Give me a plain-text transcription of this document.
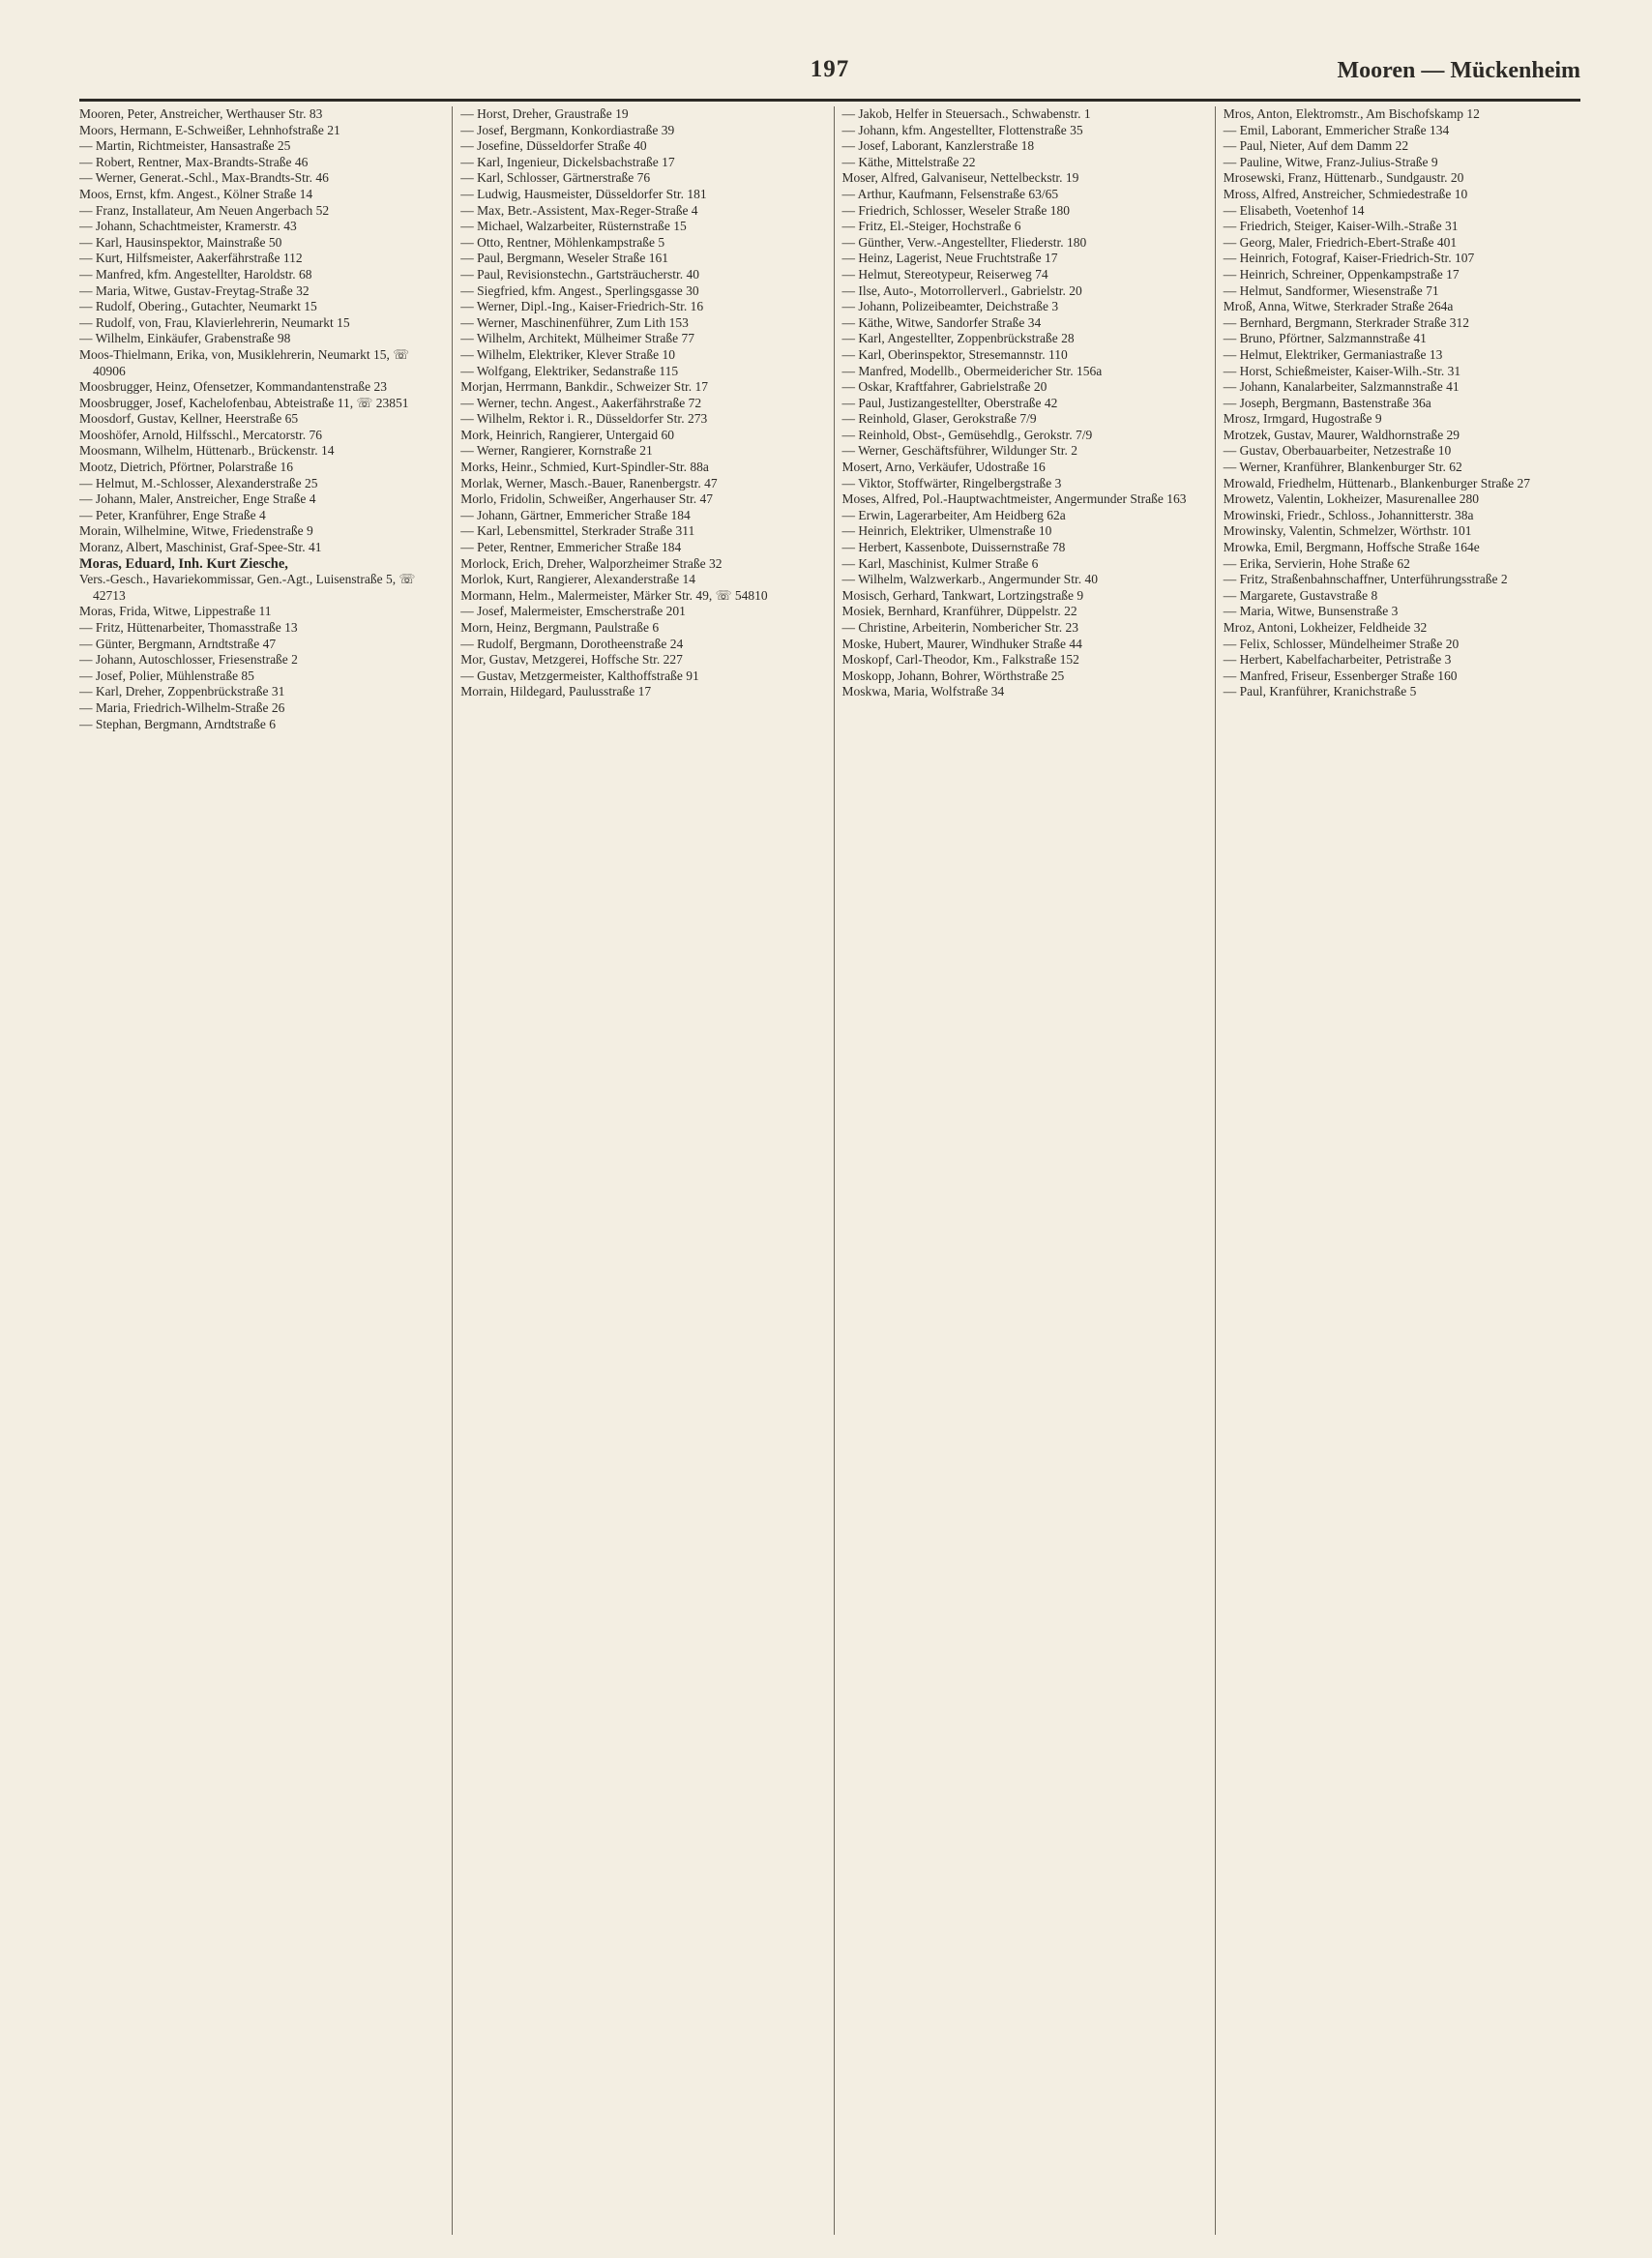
197	Mooren — Mückenheim
Mooren, Peter, Anstreicher, Werthauser Str. 83
Moors, Hermann, E-Schweißer, Lehnhofstraße 21
— Martin, Richtmeister, Hansastraße 25
— Robert, Rentner, Max-Brandts-Straße 46
— Werner, Generat.-Schl., Max-Brandts-Str. 46
Moos, Ernst, kfm. Angest., Kölner Straße 14
— Franz, Installateur, Am Neuen Angerbach 52
— Johann, Schachtmeister, Kramerstr. 43
— Karl, Hausinspektor, Mainstraße 50
— Kurt, Hilfsmeister, Aakerfährstraße 112
— Manfred, kfm. Angestellter, Haroldstr. 68
— Maria, Witwe, Gustav-Freytag-Straße 32
— Rudolf, Obering., Gutachter, Neumarkt 15
— Rudolf, von, Frau, Klavierlehrerin, Neumarkt 15
— Wilhelm, Einkäufer, Grabenstraße 98
Moos-Thielmann, Erika, von, Musiklehrerin, Neumarkt 15, ☏ 40906
Moosbrugger, Heinz, Ofensetzer, Kommandantenstraße 23
Moosbrugger, Josef, Kachelofenbau, Abteistraße 11, ☏ 23851
Moosdorf, Gustav, Kellner, Heerstraße 65
Mooshöfer, Arnold, Hilfsschl., Mercatorstr. 76
Moosmann, Wilhelm, Hüttenarb., Brückenstr. 14
Mootz, Dietrich, Pförtner, Polarstraße 16
— Helmut, M.-Schlosser, Alexanderstraße 25
— Johann, Maler, Anstreicher, Enge Straße 4
— Peter, Kranführer, Enge Straße 4
Morain, Wilhelmine, Witwe, Friedenstraße 9
Moranz, Albert, Maschinist, Graf-Spee-Str. 41
Moras, Eduard, Inh. Kurt Ziesche,
Vers.-Gesch., Havariekommissar, Gen.-Agt., Luisenstraße 5, ☏ 42713
Moras, Frida, Witwe, Lippestraße 11
— Fritz, Hüttenarbeiter, Thomasstraße 13
— Günter, Bergmann, Arndtstraße 47
— Johann, Autoschlosser, Friesenstraße 2
— Josef, Polier, Mühlenstraße 85
— Karl, Dreher, Zoppenbrückstraße 31
— Maria, Friedrich-Wilhelm-Straße 26
— Stephan, Bergmann, Arndtstraße 6
— Horst, Dreher, Graustraße 19
— Josef, Bergmann, Konkordiastraße 39
— Josefine, Düsseldorfer Straße 40
— Karl, Ingenieur, Dickelsbachstraße 17
— Karl, Schlosser, Gärtnerstraße 76
— Ludwig, Hausmeister, Düsseldorfer Str. 181
— Max, Betr.-Assistent, Max-Reger-Straße 4
— Michael, Walzarbeiter, Rüsternstraße 15
— Otto, Rentner, Möhlenkampstraße 5
— Paul, Bergmann, Weseler Straße 161
— Paul, Revisionstechn., Gartsträucherstr. 40
— Siegfried, kfm. Angest., Sperlingsgasse 30
— Werner, Dipl.-Ing., Kaiser-Friedrich-Str. 16
— Werner, Maschinenführer, Zum Lith 153
— Wilhelm, Architekt, Mülheimer Straße 77
— Wilhelm, Elektriker, Klever Straße 10
— Wolfgang, Elektriker, Sedanstraße 115
Morjan, Herrmann, Bankdir., Schweizer Str. 17
— Werner, techn. Angest., Aakerfährstraße 72
— Wilhelm, Rektor i. R., Düsseldorfer Str. 273
Mork, Heinrich, Rangierer, Untergaid 60
— Werner, Rangierer, Kornstraße 21
Morks, Heinr., Schmied, Kurt-Spindler-Str. 88a
Morlak, Werner, Masch.-Bauer, Ranenbergstr. 47
Morlo, Fridolin, Schweißer, Angerhauser Str. 47
— Johann, Gärtner, Emmericher Straße 184
— Karl, Lebensmittel, Sterkrader Straße 311
— Peter, Rentner, Emmericher Straße 184
Morlock, Erich, Dreher, Walporzheimer Straße 32
Morlok, Kurt, Rangierer, Alexanderstraße 14
Mormann, Helm., Malermeister, Märker Str. 49, ☏ 54810
— Josef, Malermeister, Emscherstraße 201
Morn, Heinz, Bergmann, Paulstraße 6
— Rudolf, Bergmann, Dorotheenstraße 24
Mor, Gustav, Metzgerei, Hoffsche Str. 227
— Gustav, Metzgermeister, Kalthoffstraße 91
Morrain, Hildegard, Paulusstraße 17
— Jakob, Helfer in Steuersach., Schwabenstr. 1
— Johann, kfm. Angestellter, Flottenstraße 35
— Josef, Laborant, Kanzlerstraße 18
— Käthe, Mittelstraße 22
Moser, Alfred, Galvaniseur, Nettelbeckstr. 19
— Arthur, Kaufmann, Felsenstraße 63/65
— Friedrich, Schlosser, Weseler Straße 180
— Fritz, El.-Steiger, Hochstraße 6
— Günther, Verw.-Angestellter, Fliederstr. 180
— Heinz, Lagerist, Neue Fruchtstraße 17
— Helmut, Stereotypeur, Reiserweg 74
— Ilse, Auto-, Motorrollerverl., Gabrielstr. 20
— Johann, Polizeibeamter, Deichstraße 3
— Käthe, Witwe, Sandorfer Straße 34
— Karl, Angestellter, Zoppenbrückstraße 28
— Karl, Oberinspektor, Stresemannstr. 110
— Manfred, Modellb., Obermeidericher Str. 156a
— Oskar, Kraftfahrer, Gabrielstraße 20
— Paul, Justizangestellter, Oberstraße 42
— Reinhold, Glaser, Gerokstraße 7/9
— Reinhold, Obst-, Gemüsehdlg., Gerokstr. 7/9
— Werner, Geschäftsführer, Wildunger Str. 2
Mosert, Arno, Verkäufer, Udostraße 16
— Viktor, Stoffwärter, Ringelbergstraße 3
Moses, Alfred, Pol.-Hauptwachtmeister, Angermunder Straße 163
— Erwin, Lagerarbeiter, Am Heidberg 62a
— Heinrich, Elektriker, Ulmenstraße 10
— Herbert, Kassenbote, Duissernstraße 78
— Karl, Maschinist, Kulmer Straße 6
— Wilhelm, Walzwerkarb., Angermunder Str. 40
Mosisch, Gerhard, Tankwart, Lortzingstraße 9
Mosiek, Bernhard, Kranführer, Düppelstr. 22
— Christine, Arbeiterin, Nombericher Str. 23
Moske, Hubert, Maurer, Windhuker Straße 44
Moskopf, Carl-Theodor, Km., Falkstraße 152
Moskopp, Johann, Bohrer, Wörthstraße 25
Moskwa, Maria, Wolfstraße 34
Mros, Anton, Elektromstr., Am Bischofskamp 12
— Emil, Laborant, Emmericher Straße 134
— Paul, Nieter, Auf dem Damm 22
— Pauline, Witwe, Franz-Julius-Straße 9
Mrosewski, Franz, Hüttenarb., Sundgaustr. 20
Mross, Alfred, Anstreicher, Schmiedestraße 10
— Elisabeth, Voetenhof 14
— Friedrich, Steiger, Kaiser-Wilh.-Straße 31
— Georg, Maler, Friedrich-Ebert-Straße 401
— Heinrich, Fotograf, Kaiser-Friedrich-Str. 107
— Heinrich, Schreiner, Oppenkampstraße 17
— Helmut, Sandformer, Wiesenstraße 71
Mroß, Anna, Witwe, Sterkrader Straße 264a
— Bernhard, Bergmann, Sterkrader Straße 312
— Bruno, Pförtner, Salzmannstraße 41
— Helmut, Elektriker, Germaniastraße 13
— Horst, Schießmeister, Kaiser-Wilh.-Str. 31
— Johann, Kanalarbeiter, Salzmannstraße 41
— Joseph, Bergmann, Bastenstraße 36a
Mrosz, Irmgard, Hugostraße 9
Mrotzek, Gustav, Maurer, Waldhornstraße 29
— Gustav, Oberbauarbeiter, Netzestraße 10
— Werner, Kranführer, Blankenburger Str. 62
Mrowald, Friedhelm, Hüttenarb., Blankenburger Straße 27
Mrowetz, Valentin, Lokheizer, Masurenallee 280
Mrowinski, Friedr., Schloss., Johannitterstr. 38a
Mrowinsky, Valentin, Schmelzer, Wörthstr. 101
Mrowka, Emil, Bergmann, Hoffsche Straße 164e
— Erika, Servierin, Hohe Straße 62
— Fritz, Straßenbahnschaffner, Unterführungsstraße 2
— Margarete, Gustavstraße 8
— Maria, Witwe, Bunsenstraße 3
Mroz, Antoni, Lokheizer, Feldheide 32
— Felix, Schlosser, Mündelheimer Straße 20
— Herbert, Kabelfacharbeiter, Petristraße 3
— Manfred, Friseur, Essenberger Straße 160
— Paul, Kranführer, Kranichstraße 5
